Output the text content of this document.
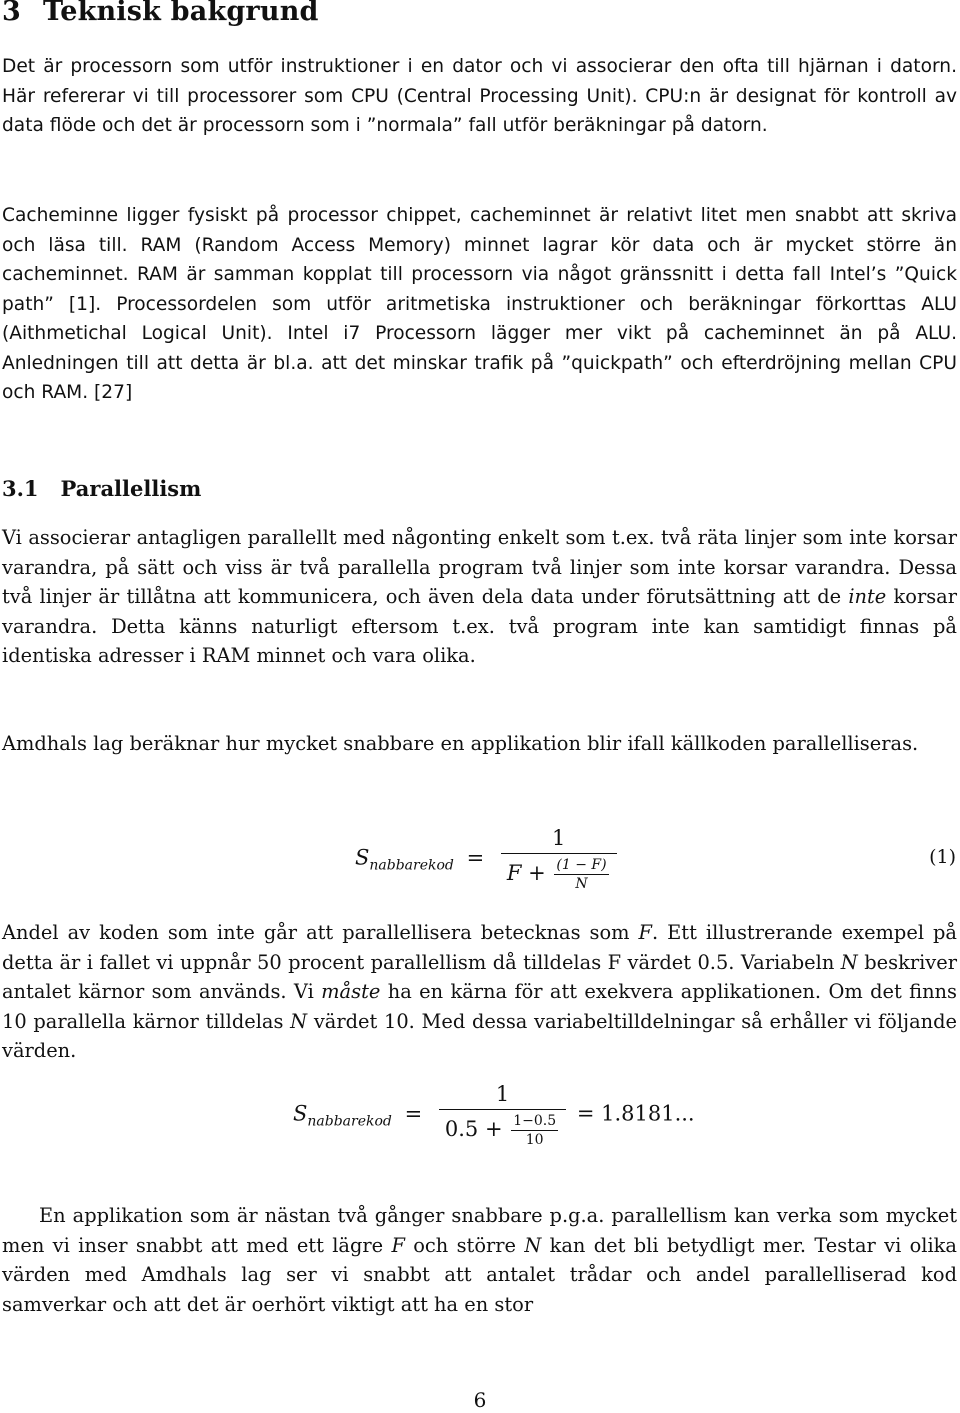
3 Teknisk bakgrund

Det är processorn som utför instruktioner i en dator och vi associerar den ofta till hjärnan i datorn. Här refererar vi till processorer som CPU (Central Processing Unit). CPU:n är designat för kontroll av data flöde och det är processorn som i ”normala” fall utför beräkningar på datorn.

Cacheminne ligger fysiskt på processor chippet, cacheminnet är relativt litet men snabbt att skriva och läsa till. RAM (Random Access Memory) minnet lagrar kör data och är mycket större än cacheminnet. RAM är samman kopplat till processorn via något gränssnitt i detta fall Intel’s ”Quick path” [1]. Processordelen som utför aritmetiska instruktioner och beräkningar förkorttas ALU (Aithmetichal Logical Unit). Intel i7 Processorn lägger mer vikt på cacheminnet än på ALU. Anledningen till att detta är bl.a. att det minskar trafik på ”quickpath” och efterdröjning mellan CPU och RAM. [27]

3.1 Parallellism

Vi associerar antagligen parallellt med någonting enkelt som t.ex. två räta linjer som inte korsar varandra, på sätt och viss är två parallella program två linjer som inte korsar varandra. Dessa två linjer är tillåtna att kommunicera, och även dela data under förutsättning att de inte korsar varandra. Detta känns naturligt eftersom t.ex. två program inte kan samtidigt finnas på identiska adresser i RAM minnet och vara olika.

Amdhals lag beräknar hur mycket snabbare en applikation blir ifall källkoden parallelliseras.

$S_{nabbarekod} = \frac{1}{F + \frac{(1 - F)}{N}}$	(1)

Andel av koden som inte går att parallellisera betecknas som F. Ett illustrerande exempel på detta är i fallet vi uppnår 50 procent parallellism då tilldelas F värdet 0.5. Variabeln N beskriver antalet kärnor som används. Vi måste ha en kärna för att exekvera applikationen. Om det finns 10 parallella kärnor tilldelas N värdet 10. Med dessa variabeltilldelningar så erhåller vi följande värden.

$S_{nabbarekod} = \frac{1}{0.5 + \frac{1-0.5}{10}} = 1.8181$...

En applikation som är nästan två gånger snabbare p.g.a. parallellism kan verka som mycket men vi inser snabbt att med ett lägre F och större N kan det bli betydligt mer. Testar vi olika värden med Amdhals lag ser vi snabbt att antalet trådar och andel parallelliserad kod samverkar och att det är oerhört viktigt att ha en stor

6
